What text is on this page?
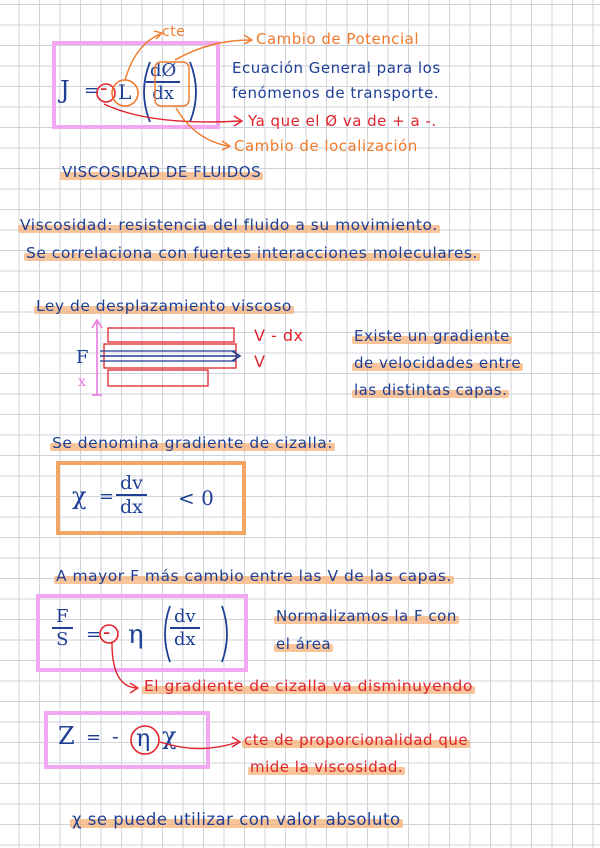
J = - L $\frac{dØ}{dx}$
cte	Cambio de Potencial
Ecuación General para los
fenómenos de transporte.
Ya que el Ø va de + a -.
Cambio de localización
VISCOSIDAD DE FLUIDOS
Viscosidad: resistencia del fluido a su movimiento.
Se correlaciona con fuertes interacciones moleculares.
Ley de desplazamiento viscoso
F
x
V - dx
V
Existe un gradiente
de velocidades entre
las distintas capas.
Se denomina gradiente de cizalla:
$\chi = \frac{dv}{dx} < 0$
A mayor F más cambio entre las V de las capas.
$\frac{F}{S}$ = - η $\frac{dv}{dx}$	Normalizamos la F con
el área
El gradiente de cizalla va disminuyendo
Z = - η χ	cte de proporcionalidad que
mide la viscosidad.
χ se puede utilizar con valor absoluto
